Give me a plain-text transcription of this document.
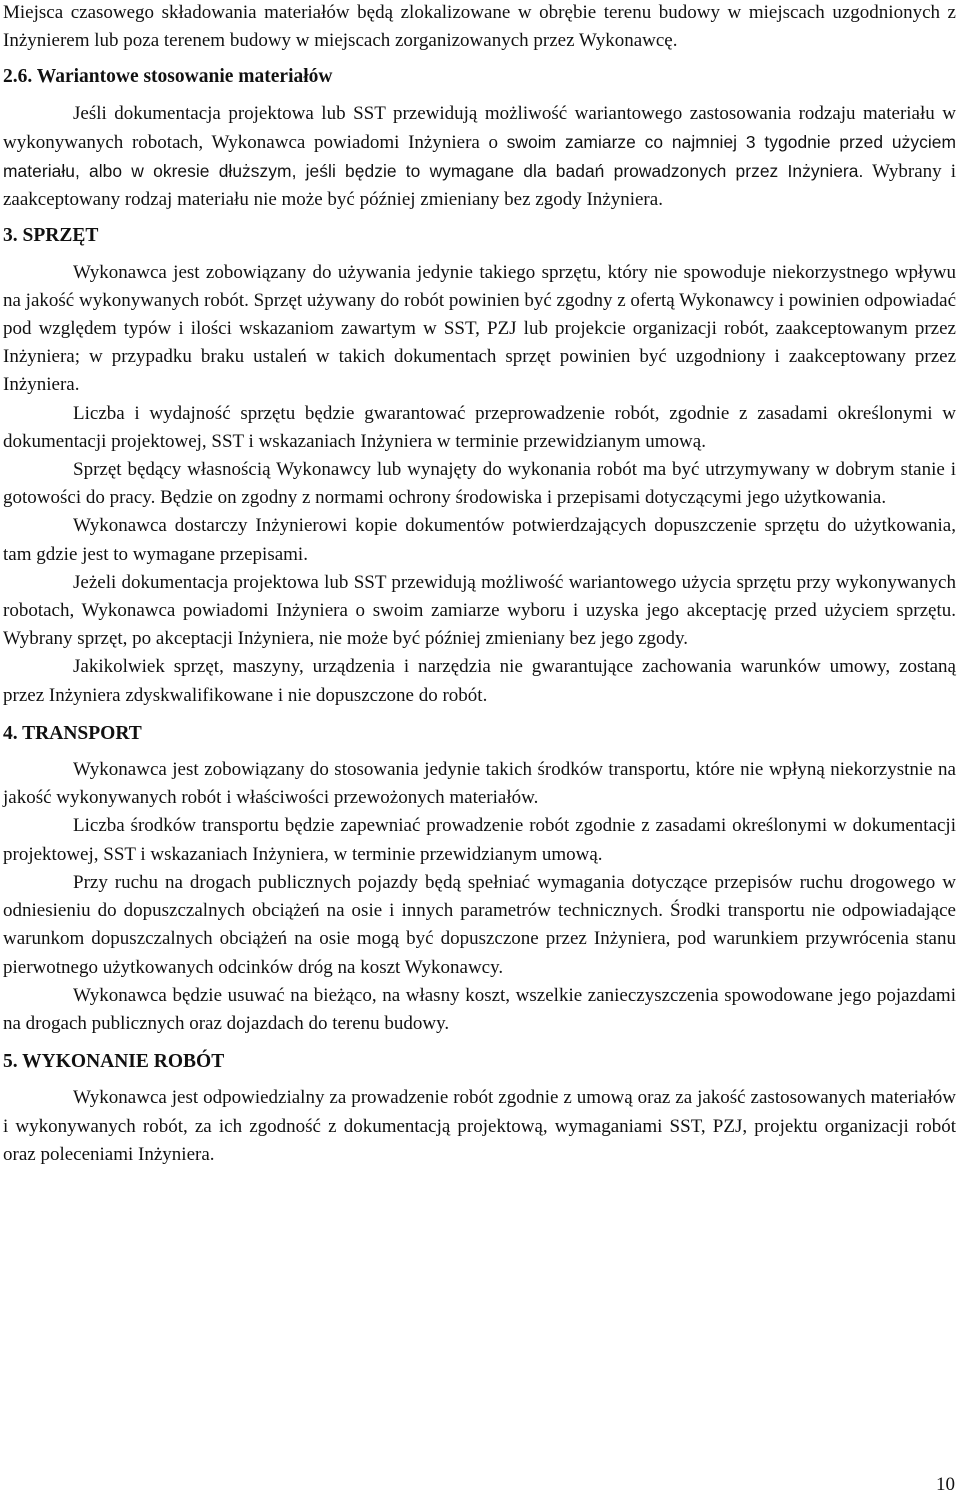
Miejsca czasowego składowania materiałów będą zlokalizowane w obrębie terenu budowy w miejscach uzgodnionych z Inżynierem lub poza terenem budowy w miejscach zorganizowanych przez Wykonawcę.

2.6. Wariantowe stosowanie materiałów

Jeśli dokumentacja projektowa lub SST przewidują możliwość wariantowego zastosowania rodzaju materiału w wykonywanych robotach, Wykonawca powiadomi Inżyniera o swoim zamiarze co najmniej 3 tygodnie przed użyciem materiału, albo w okresie dłuższym, jeśli będzie to wymagane dla badań prowadzonych przez Inżyniera. Wybrany i zaakceptowany rodzaj materiału nie może być później zmieniany bez zgody Inżyniera.

3. SPRZĘT

Wykonawca jest zobowiązany do używania jedynie takiego sprzętu, który nie spowoduje niekorzystnego wpływu na jakość wykonywanych robót. Sprzęt używany do robót powinien być zgodny z ofertą Wykonawcy i powinien odpowiadać pod względem typów i ilości wskazaniom zawartym w SST, PZJ lub projekcie organizacji robót, zaakceptowanym przez Inżyniera; w przypadku braku ustaleń w takich dokumentach sprzęt powinien być uzgodniony i zaakceptowany przez Inżyniera.

Liczba i wydajność sprzętu będzie gwarantować przeprowadzenie robót, zgodnie z zasadami określonymi w dokumentacji projektowej, SST i wskazaniach Inżyniera w terminie przewidzianym umową.

Sprzęt będący własnością Wykonawcy lub wynajęty do wykonania robót ma być utrzymywany w dobrym stanie i gotowości do pracy. Będzie on zgodny z normami ochrony środowiska i przepisami dotyczącymi jego użytkowania.

Wykonawca dostarczy Inżynierowi kopie dokumentów potwierdzających dopuszczenie sprzętu do użytkowania, tam gdzie jest to wymagane przepisami.

Jeżeli dokumentacja projektowa lub SST przewidują możliwość wariantowego użycia sprzętu przy wykonywanych robotach, Wykonawca powiadomi Inżyniera o swoim zamiarze wyboru i uzyska jego akceptację przed użyciem sprzętu. Wybrany sprzęt, po akceptacji Inżyniera, nie może być później zmieniany bez jego zgody.

Jakikolwiek sprzęt, maszyny, urządzenia i narzędzia nie gwarantujące zachowania warunków umowy, zostaną przez Inżyniera zdyskwalifikowane i nie dopuszczone do robót.

4. TRANSPORT

Wykonawca jest zobowiązany do stosowania jedynie takich środków transportu, które nie wpłyną niekorzystnie na jakość wykonywanych robót i właściwości przewożonych materiałów.

Liczba środków transportu będzie zapewniać prowadzenie robót zgodnie z zasadami określonymi w dokumentacji projektowej, SST i wskazaniach Inżyniera, w terminie przewidzianym umową.

Przy ruchu na drogach publicznych pojazdy będą spełniać wymagania dotyczące przepisów ruchu drogowego w odniesieniu do dopuszczalnych obciążeń na osie i innych parametrów technicznych. Środki transportu nie odpowiadające warunkom dopuszczalnych obciążeń na osie mogą być dopuszczone przez Inżyniera, pod warunkiem przywrócenia stanu pierwotnego użytkowanych odcinków dróg na koszt Wykonawcy.

Wykonawca będzie usuwać na bieżąco, na własny koszt, wszelkie zanieczyszczenia spowodowane jego pojazdami na drogach publicznych oraz dojazdach do terenu budowy.

5. WYKONANIE ROBÓT

Wykonawca jest odpowiedzialny za prowadzenie robót zgodnie z umową oraz za jakość zastosowanych materiałów i wykonywanych robót, za ich zgodność z dokumentacją projektową, wymaganiami SST, PZJ, projektu organizacji robót oraz poleceniami Inżyniera.

10
